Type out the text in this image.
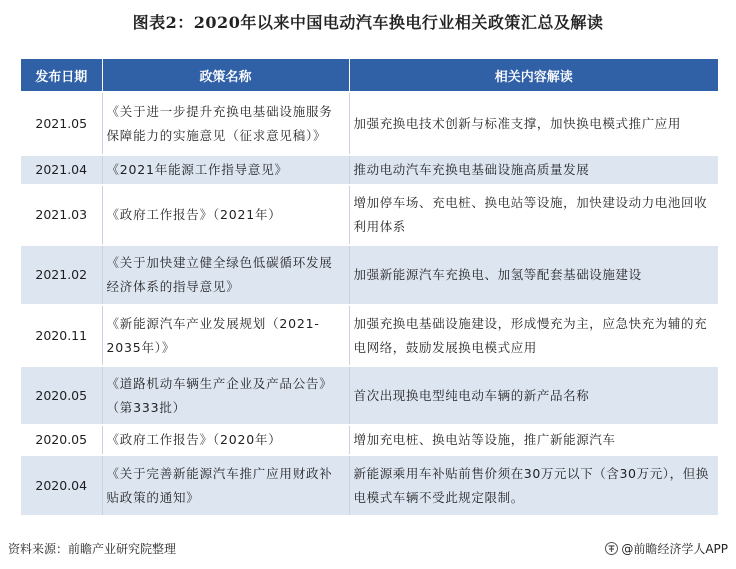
图表2：2020年以来中国电动汽车换电行业相关政策汇总及解读
发布日期	政策名称	相关内容解读
2021.05	《关于进一步提升充换电基础设施服务保障能力的实施意见（征求意见稿）》	加强充换电技术创新与标准支撑，加快换电模式推广应用
2021.04	《2021年能源工作指导意见》	推动电动汽车充换电基础设施高质量发展
2021.03	《政府工作报告》（2021年）	增加停车场、充电桩、换电站等设施，加快建设动力电池回收利用体系
2021.02	《关于加快建立健全绿色低碳循环发展经济体系的指导意见》	加强新能源汽车充换电、加氢等配套基础设施建设
2020.11	《新能源汽车产业发展规划（2021-2035年）》	加强充换电基础设施建设，形成慢充为主，应急快充为辅的充电网络，鼓励发展换电模式应用
2020.05	《道路机动车辆生产企业及产品公告》（第333批）	首次出现换电型纯电动车辆的新产品名称
2020.05	《政府工作报告》（2020年）	增加充电桩、换电站等设施，推广新能源汽车
2020.04	《关于完善新能源汽车推广应用财政补贴政策的通知》	新能源乘用车补贴前售价须在30万元以下（含30万元），但换电模式车辆不受此规定限制。
资料来源：前瞻产业研究院整理	@前瞻经济学人APP
